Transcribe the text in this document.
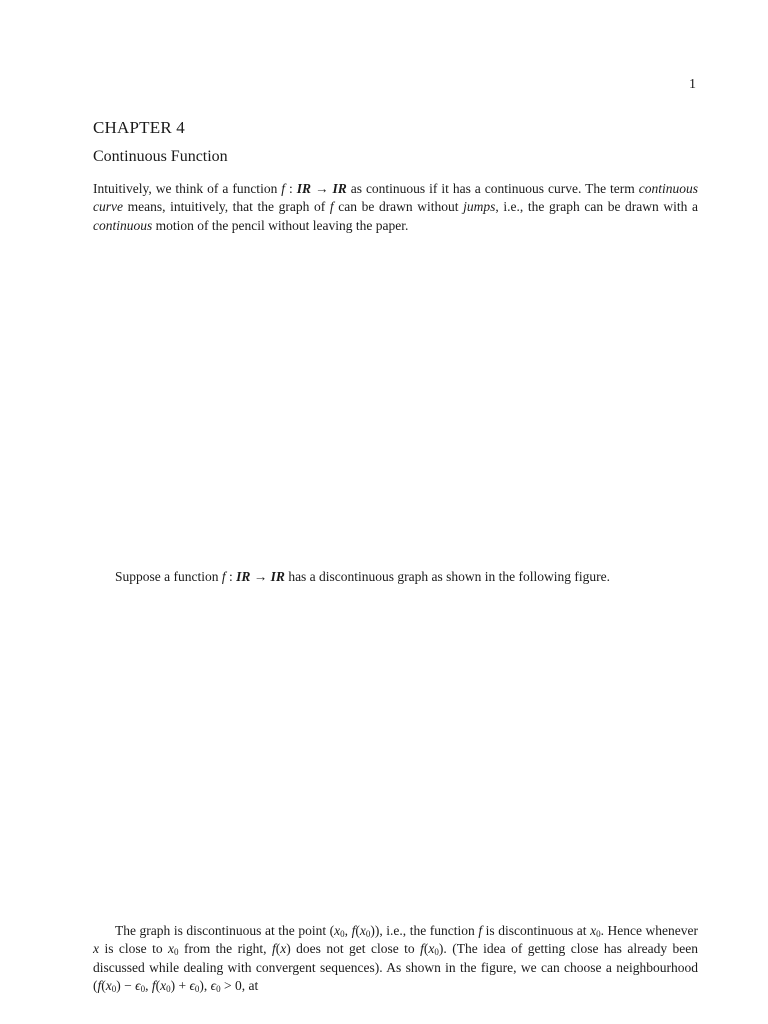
1
CHAPTER 4
Continuous Function

Intuitively, we think of a function f : IR → IR as continuous if it has a continuous curve. The term continuous curve means, intuitively, that the graph of f can be drawn without jumps, i.e., the graph can be drawn with a continuous motion of the pencil without leaving the paper.

Suppose a function f : IR → IR has a discontinuous graph as shown in the following figure.

The graph is discontinuous at the point ($x_0$, $f(x_0)$), i.e., the function f is discontinuous at $x_0$. Hence whenever x is close to $x_0$ from the right, f(x) does not get close to $f(x_0)$. (The idea of getting close has already been discussed while dealing with convergent sequences). As shown in the figure, we can choose a neighbourhood ($f(x_0) - \epsilon_0$, $f(x_0) + \epsilon_0$), $\epsilon_0 > 0$, at
